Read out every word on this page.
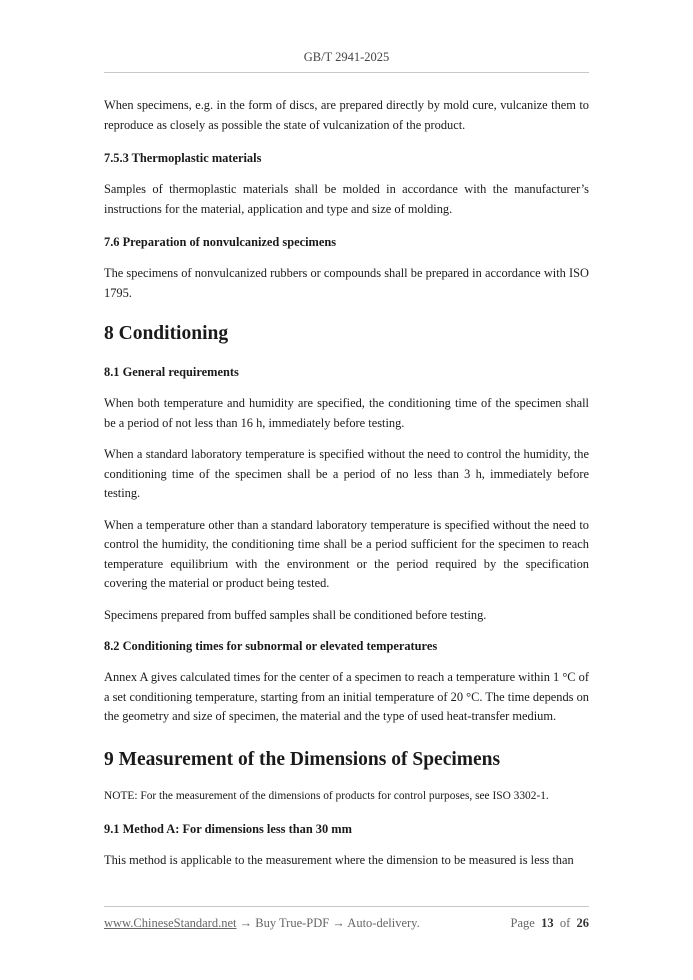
GB/T 2941-2025

When specimens, e.g. in the form of discs, are prepared directly by mold cure, vulcanize them to reproduce as closely as possible the state of vulcanization of the product.

7.5.3 Thermoplastic materials

Samples of thermoplastic materials shall be molded in accordance with the manufacturer’s instructions for the material, application and type and size of molding.

7.6 Preparation of nonvulcanized specimens

The specimens of nonvulcanized rubbers or compounds shall be prepared in accordance with ISO 1795.

8 Conditioning
8.1 General requirements

When both temperature and humidity are specified, the conditioning time of the specimen shall be a period of not less than 16 h, immediately before testing.

When a standard laboratory temperature is specified without the need to control the humidity, the conditioning time of the specimen shall be a period of no less than 3 h, immediately before testing.

When a temperature other than a standard laboratory temperature is specified without the need to control the humidity, the conditioning time shall be a period sufficient for the specimen to reach temperature equilibrium with the environment or the period required by the specification covering the material or product being tested.

Specimens prepared from buffed samples shall be conditioned before testing.

8.2 Conditioning times for subnormal or elevated temperatures

Annex A gives calculated times for the center of a specimen to reach a temperature within 1 °C of a set conditioning temperature, starting from an initial temperature of 20 °C. The time depends on the geometry and size of specimen, the material and the type of used heat-transfer medium.

9 Measurement of the Dimensions of Specimens

NOTE: For the measurement of the dimensions of products for control purposes, see ISO 3302-1.

9.1 Method A: For dimensions less than 30 mm

This method is applicable to the measurement where the dimension to be measured is less than

www.ChineseStandard.net → Buy True-PDF → Auto-delivery.	Page 13 of 26
